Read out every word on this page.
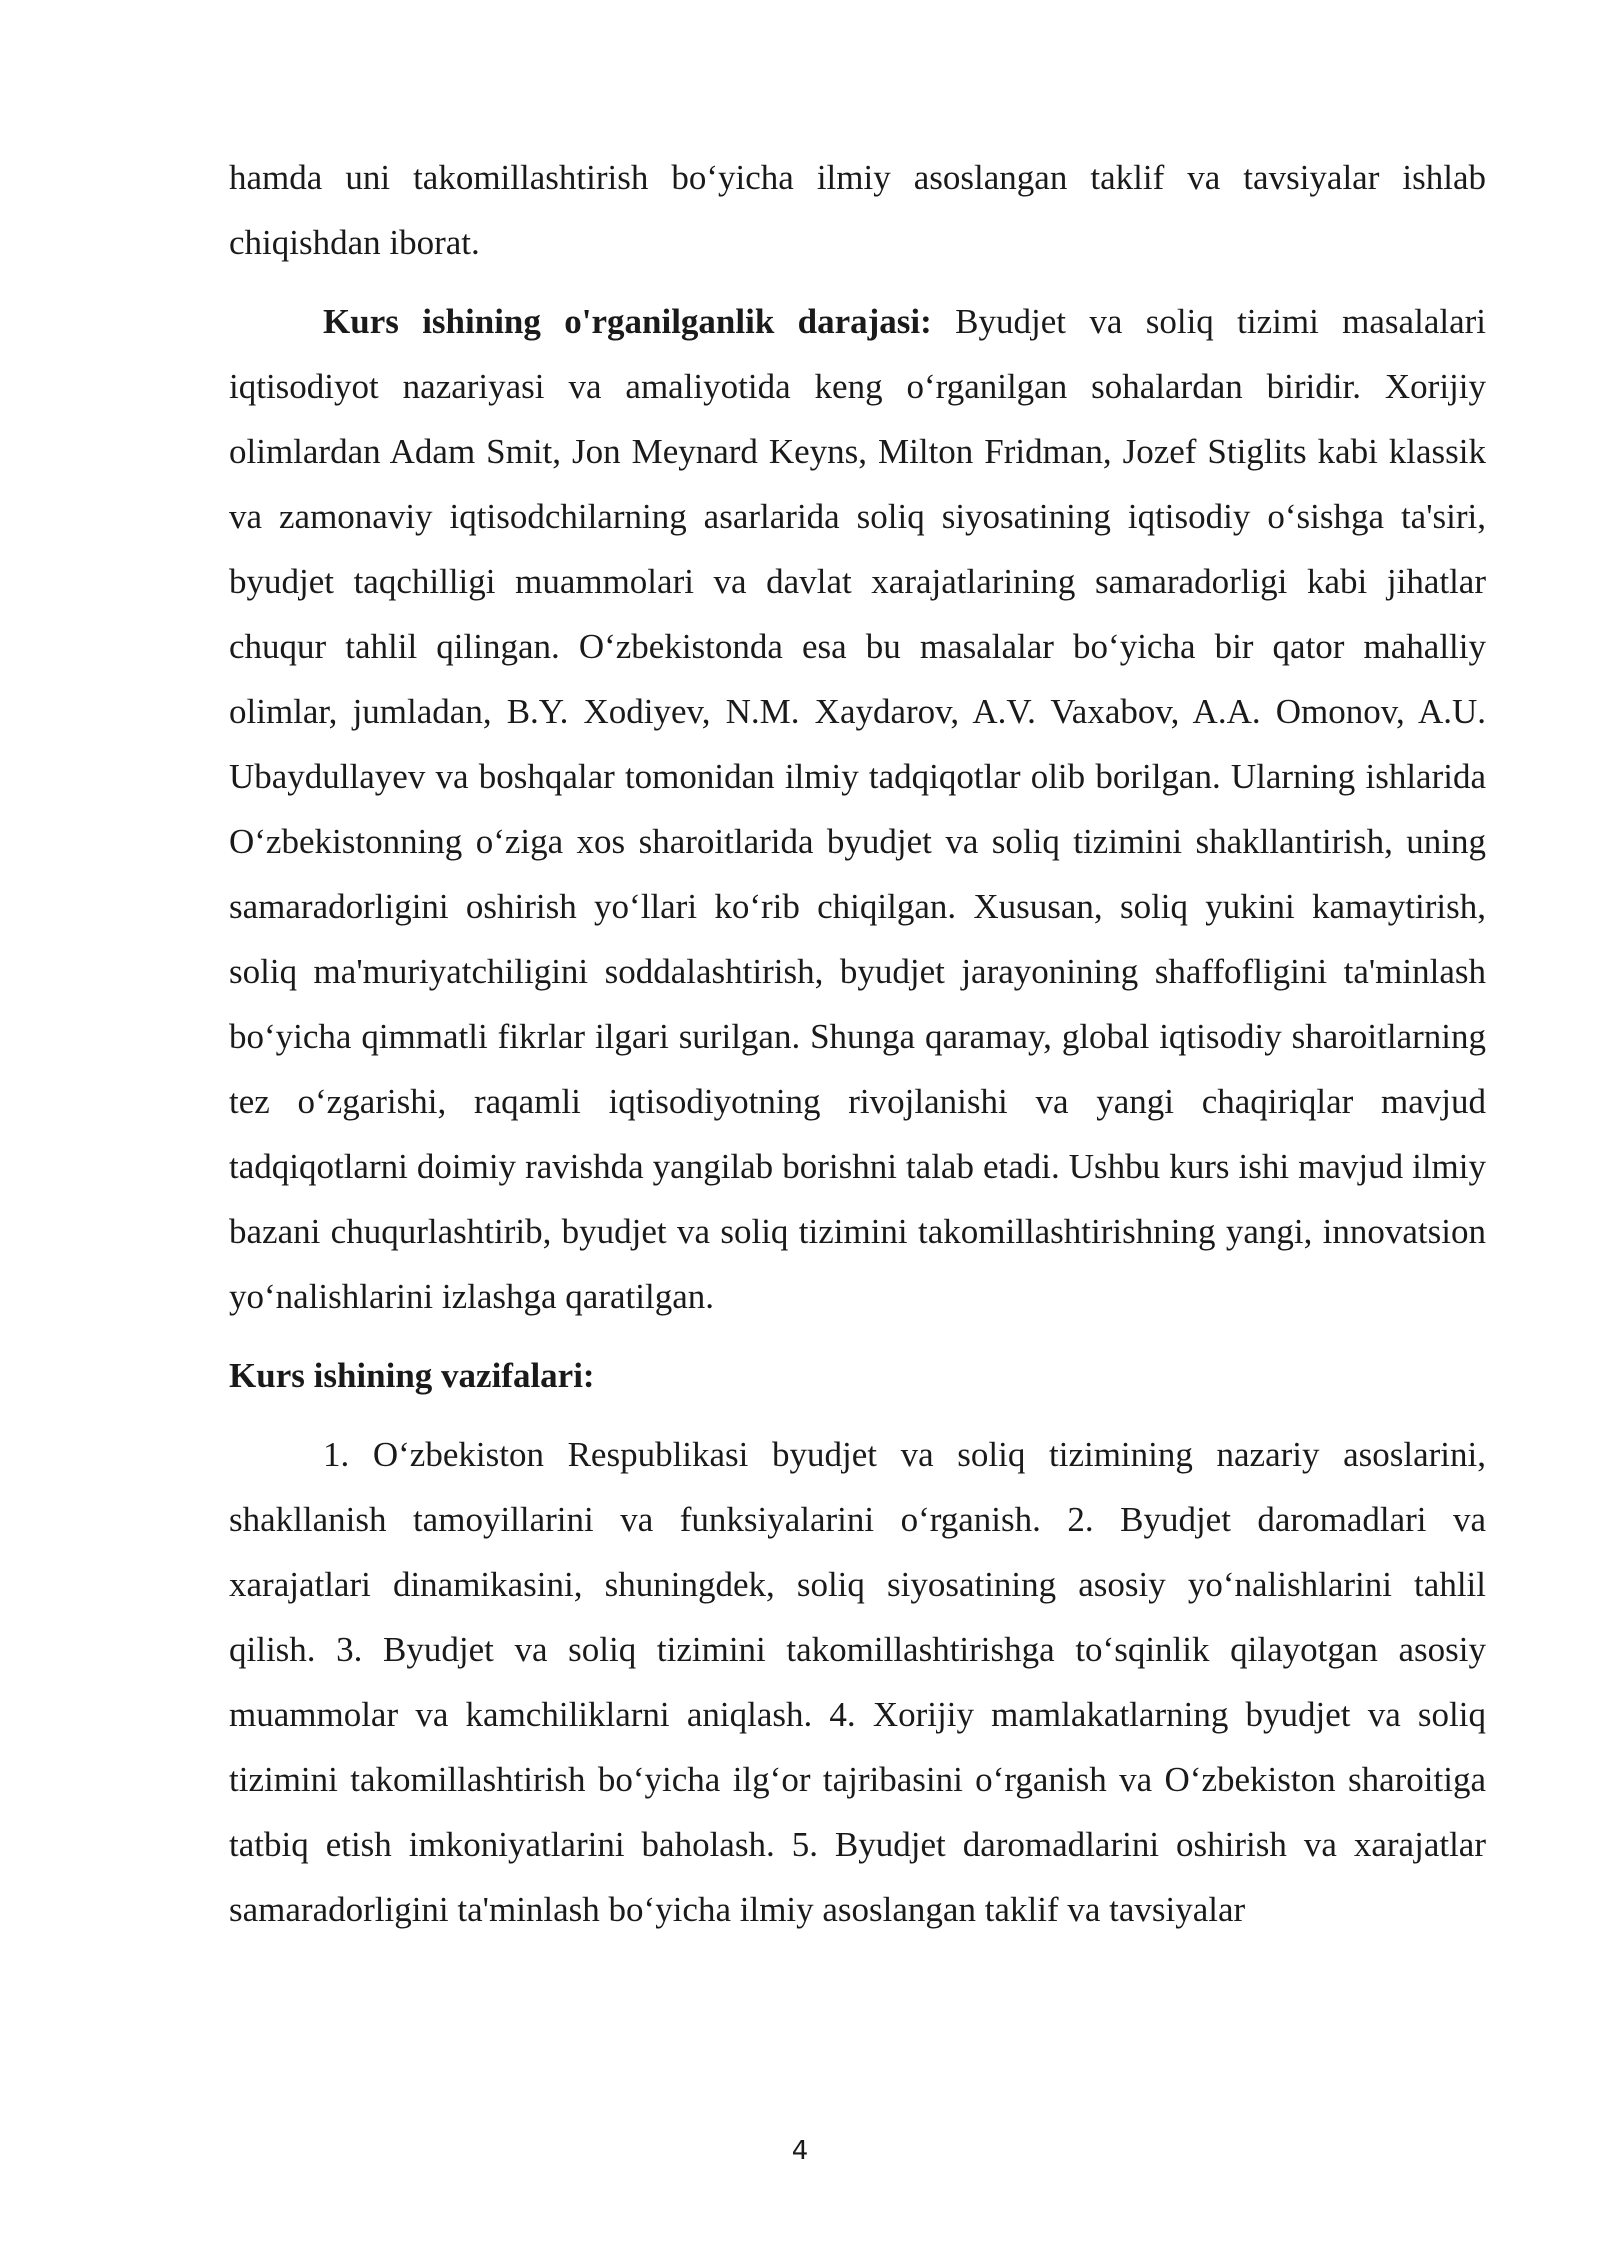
hamda uni takomillashtirish bo‘yicha ilmiy asoslangan taklif va tavsiyalar ishlab chiqishdan iborat.

Kurs ishining o'rganilganlik darajasi: Byudjet va soliq tizimi masalalari iqtisodiyot nazariyasi va amaliyotida keng o‘rganilgan sohalardan biridir. Xorijiy olimlardan Adam Smit, Jon Meynard Keyns, Milton Fridman, Jozef Stiglits kabi klassik va zamonaviy iqtisodchilarning asarlarida soliq siyosatining iqtisodiy o‘sishga ta'siri, byudjet taqchilligi muammolari va davlat xarajatlarining samaradorligi kabi jihatlar chuqur tahlil qilingan. O‘zbekistonda esa bu masalalar bo‘yicha bir qator mahalliy olimlar, jumladan, B.Y. Xodiyev, N.M. Xaydarov, A.V. Vaxabov, A.A. Omonov, A.U. Ubaydullayev va boshqalar tomonidan ilmiy tadqiqotlar olib borilgan. Ularning ishlarida O‘zbekistonning o‘ziga xos sharoitlarida byudjet va soliq tizimini shakllantirish, uning samaradorligini oshirish yo‘llari ko‘rib chiqilgan. Xususan, soliq yukini kamaytirish, soliq ma'muriyatchiligini soddalashtirish, byudjet jarayonining shaffofligini ta'minlash bo‘yicha qimmatli fikrlar ilgari surilgan. Shunga qaramay, global iqtisodiy sharoitlarning tez o‘zgarishi, raqamli iqtisodiyotning rivojlanishi va yangi chaqiriqlar mavjud tadqiqotlarni doimiy ravishda yangilab borishni talab etadi. Ushbu kurs ishi mavjud ilmiy bazani chuqurlashtirib, byudjet va soliq tizimini takomillashtirishning yangi, innovatsion yo‘nalishlarini izlashga qaratilgan.

Kurs ishining vazifalari:

1. O‘zbekiston Respublikasi byudjet va soliq tizimining nazariy asoslarini, shakllanish tamoyillarini va funksiyalarini o‘rganish. 2. Byudjet daromadlari va xarajatlari dinamikasini, shuningdek, soliq siyosatining asosiy yo‘nalishlarini tahlil qilish. 3. Byudjet va soliq tizimini takomillashtirishga to‘sqinlik qilayotgan asosiy muammolar va kamchiliklarni aniqlash. 4. Xorijiy mamlakatlarning byudjet va soliq tizimini takomillashtirish bo‘yicha ilg‘or tajribasini o‘rganish va O‘zbekiston sharoitiga tatbiq etish imkoniyatlarini baholash. 5. Byudjet daromadlarini oshirish va xarajatlar samaradorligini ta'minlash bo‘yicha ilmiy asoslangan taklif va tavsiyalar

4
